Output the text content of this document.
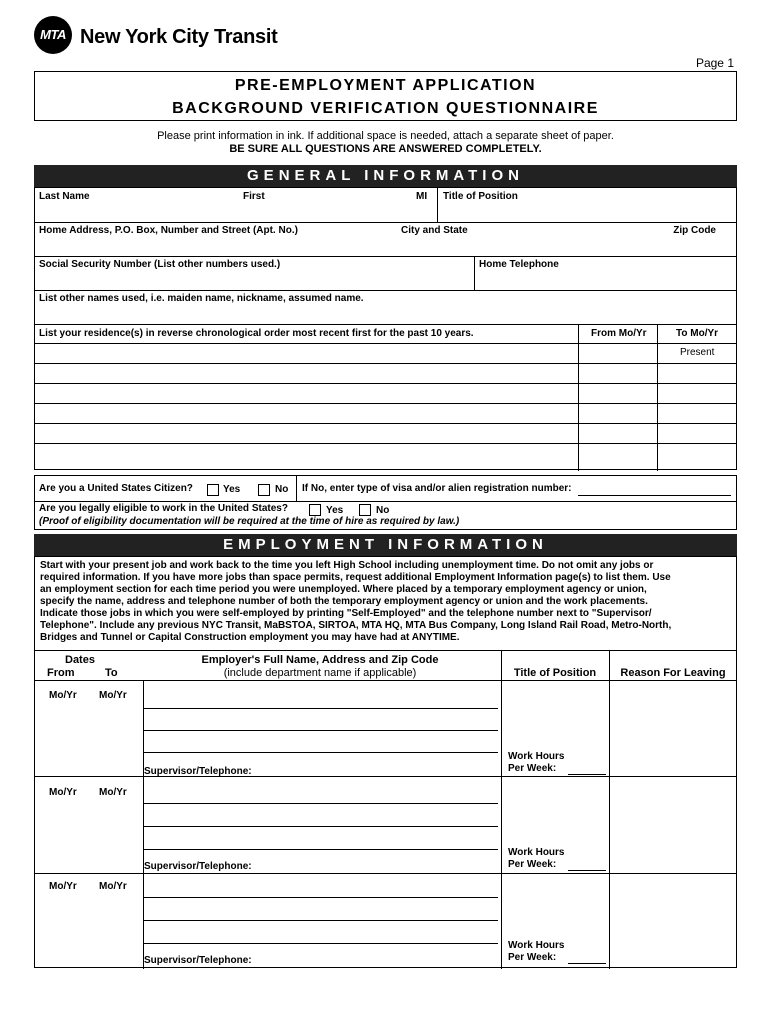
MTA New York City Transit
Page 1
PRE-EMPLOYMENT APPLICATION
BACKGROUND VERIFICATION QUESTIONNAIRE
Please print information in ink. If additional space is needed, attach a separate sheet of paper.
BE SURE ALL QUESTIONS ARE ANSWERED COMPLETELY.
GENERAL INFORMATION
Last Name	First	MI Title of Position
Home Address, P.O. Box, Number and Street (Apt. No.)	City and State	Zip Code
Social Security Number (List other numbers used.)	Home Telephone
List other names used, i.e. maiden name, nickname, assumed name.
List your residence(s) in reverse chronological order most recent first for the past 10 years.	From Mo/Yr	To Mo/Yr
Present
Are you a United States Citizen?	Yes	No If No, enter type of visa and/or alien registration number:
Are you legally eligible to work in the United States?	Yes	No
(Proof of eligibility documentation will be required at the time of hire as required by law.)
EMPLOYMENT INFORMATION
Start with your present job and work back to the time you left High School including unemployment time. Do not omit any jobs or
required information. If you have more jobs than space permits, request additional Employment Information page(s) to list them. Use
an employment section for each time period you were unemployed. Where placed by a temporary employment agency or union,
specify the name, address and telephone number of both the temporary employment agency or union and the work placements.
Indicate those jobs in which you were self-employed by printing "Self-Employed" and the telephone number next to "Supervisor/
Telephone". Include any previous NYC Transit, MaBSTOA, SIRTOA, MTA HQ, MTA Bus Company, Long Island Rail Road, Metro-North,
Bridges and Tunnel or Capital Construction employment you may have had at ANYTIME.
Dates
From	To
Employer's Full Name, Address and Zip Code
(include department name if applicable)	Title of Position	Reason For Leaving
Mo/Yr Mo/Yr
Supervisor/Telephone:
Work Hours
Per Week:
Mo/Yr Mo/Yr
Supervisor/Telephone:
Work Hours
Per Week:
Mo/Yr Mo/Yr
Supervisor/Telephone:
Work Hours
Per Week:
